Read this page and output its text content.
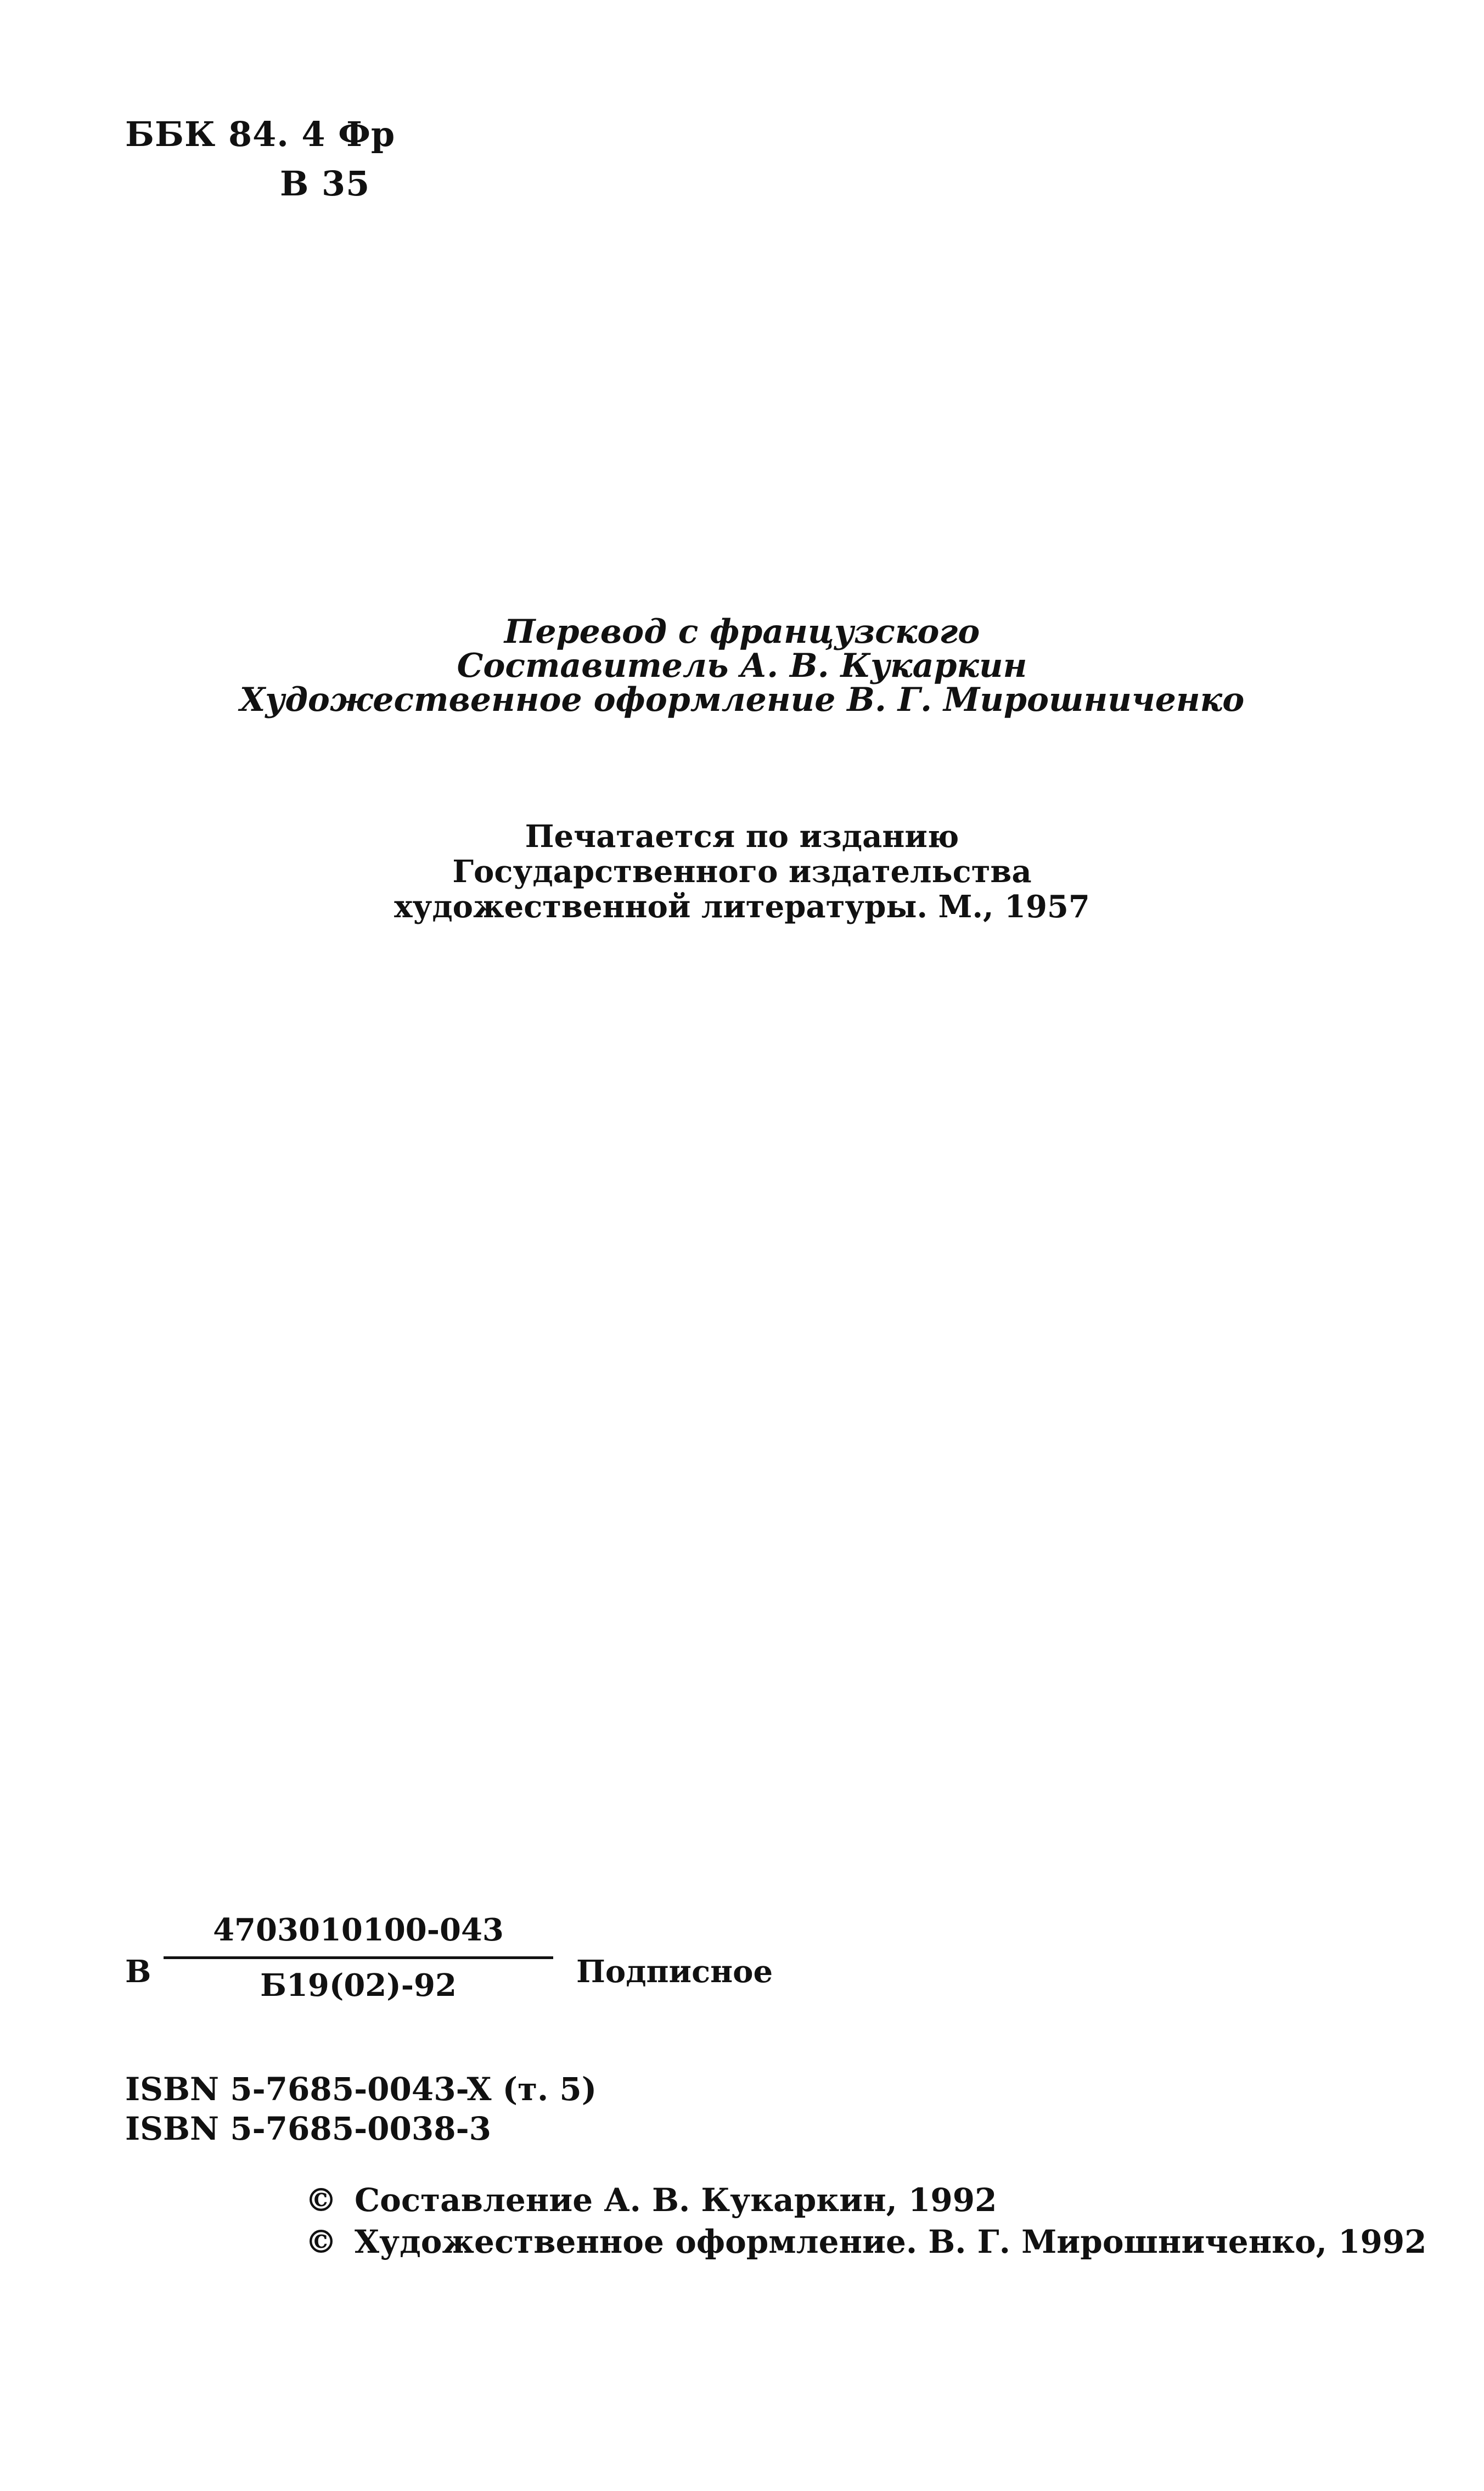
ББК 84. 4 Фр
В 35
Перевод с французского
Составитель А. В. Кукаркин
Художественное оформление В. Г. Мирошниченко
Печатается по изданию
Государственного издательства
художественной литературы. М., 1957
В
4703010100-043
Б19(02)-92	Подписное
ISBN 5-7685-0043-X (т. 5)
ISBN 5-7685-0038-3
© Составление А. В. Кукаркин, 1992
© Художественное оформление. В. Г. Мирошниченко, 1992
